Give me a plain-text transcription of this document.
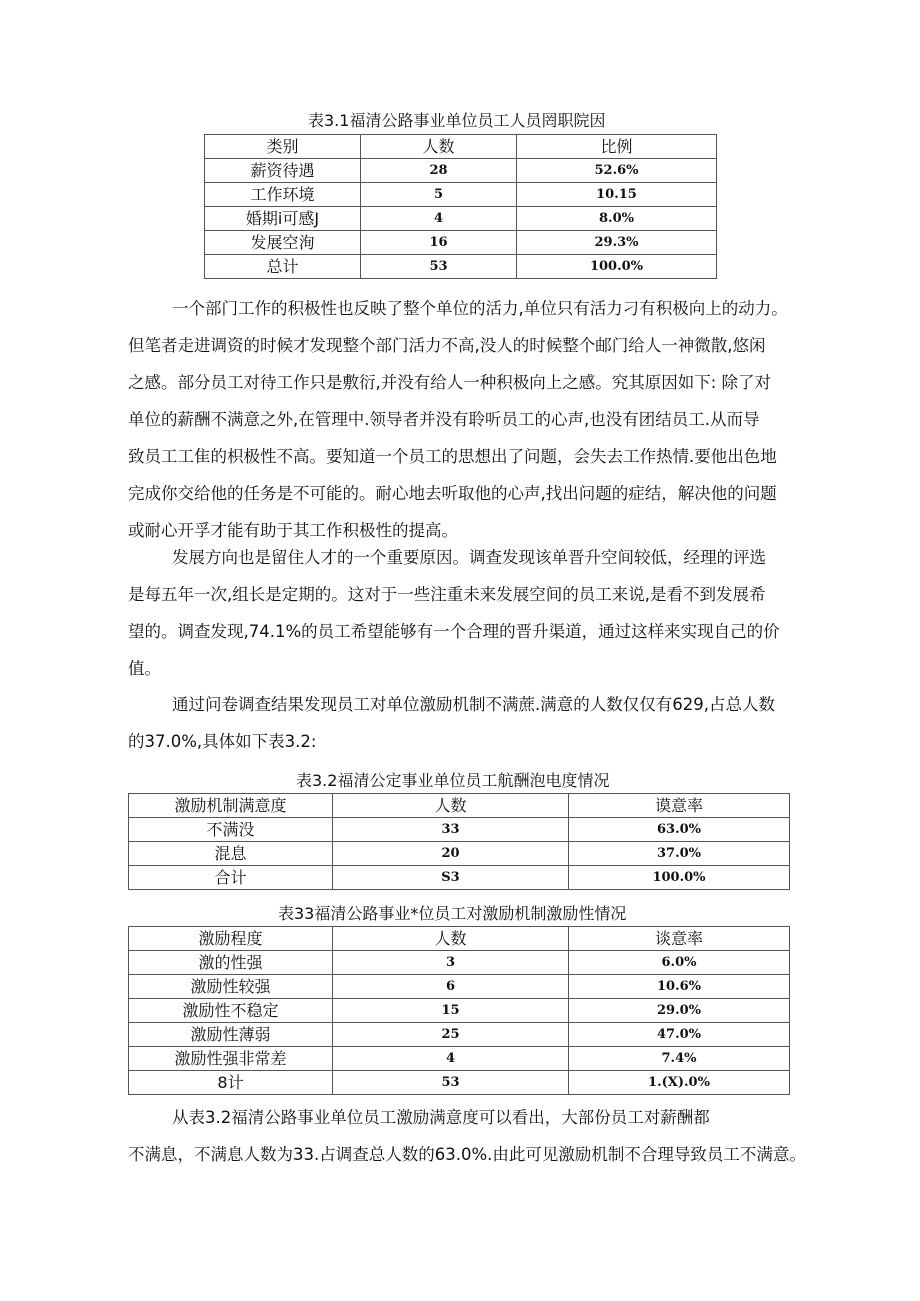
表3.1福清公路事业单位员工人员罔职院因
类别	人数	比例
薪资待遇	28	52.6%
工作环境	5	10.15
婚期i可感J	4	8.0%
发展空洵	16	29.3%
总计	53	100.0%

一个部门工作的积极性也反映了整个单位的活力,单位只有活力刁有积极向上的动力。

但笔者走进调资的时候才发现整个部门活力不高,没人的时候整个邮门给人一神微散,悠闲

之感。部分员工对待工作只是敷衍,并没有给人一种积极向上之感。究其原因如下: 除了对

单位的薪酬不满意之外,在管理中.领导者并没有聆听员工的心声,也没有团结员工.从而导

致员工工隹的枳极性不高。要知道一个员工的思想出了问题，会失去工作热情.要他出色地

完成你交给他的任务是不可能的。耐心地去听取他的心声,找出问题的症结，解决他的问题

或耐心开孚才能有助于其工作积极性的提高。

发展方向也是留住人才的一个重要原因。调查发现该单晋升空间较低，经理的评选

是每五年一次,组长是定期的。这对于一些注重未来发展空间的员工来说,是看不到发展希

望的。调查发现,74.1%的员工希望能够有一个合理的晋升渠道，通过这样来实现自己的价

值。

通过问卷调查结果发现员工对单位激励机制不满蔗.满意的人数仅仅有629,占总人数

的37.0%,具体如下表3.2:

表3.2福清公定事业单位员工航酬泡电度情况
激励机制满意度	人数	谟意率
不满没	33	63.0%
混息	20	37.0%
合计	S3	100.0%
表33福清公路事业*位员工对激励机制激励性情况
激励程度	人数	谈意率
激的性强	3	6.0%
激励性较强	6	10.6%
激励性不稳定	15	29.0%
激励性薄弱	25	47.0%
激励性强非常差	4	7.4%
8计	53	1.(X).0%

从表3.2福清公路事业单位员工激励满意度可以看出，大部份员工对薪酬都

不满息，不满息人数为33.占调查总人数的63.0%.由此可见激励机制不合理导致员工不满意。
